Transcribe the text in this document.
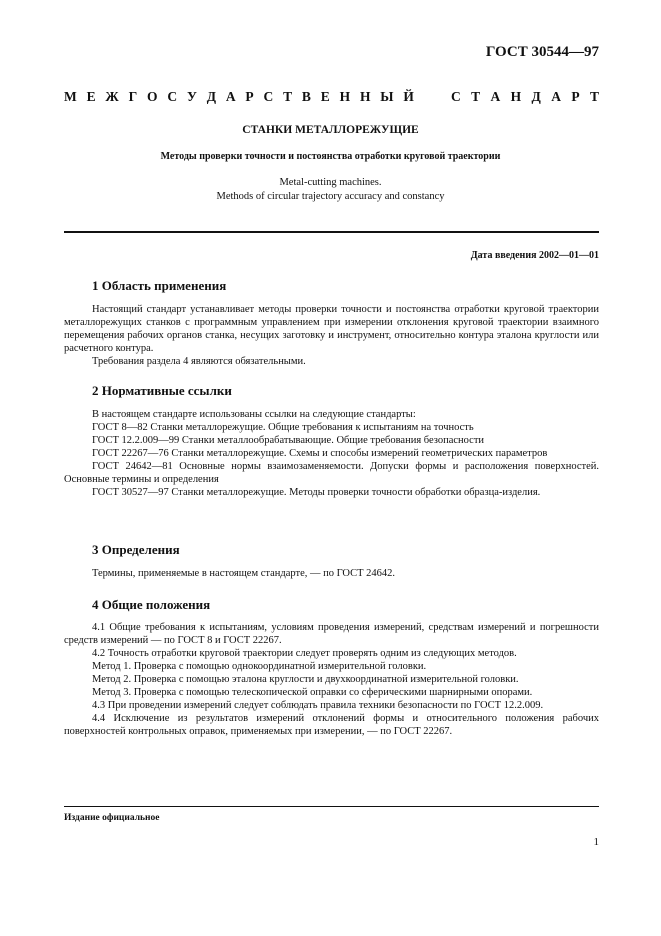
ГОСТ 30544—97
М Е Ж Г О С У Д А Р С Т В Е Н Н Ы Й	С Т А Н Д А Р Т
СТАНКИ МЕТАЛЛОРЕЖУЩИЕ
Методы проверки точности и постоянства отработки круговой траектории
Metal-cutting machines.
Methods of circular trajectory accuracy and constancy
Дата введения 2002—01—01
1 Область применения

Настоящий стандарт устанавливает методы проверки точности и постоянства отработки круговой траектории металлорежущих станков с программным управлением при измерении отклонения круговой траектории взаимного перемещения рабочих органов станка, несущих заготовку и инструмент, относительно контура эталона круглости или расчетного контура.

Требования раздела 4 являются обязательными.

2 Нормативные ссылки

В настоящем стандарте использованы ссылки на следующие стандарты:

ГОСТ 8—82 Станки металлорежущие. Общие требования к испытаниям на точность

ГОСТ 12.2.009—99 Станки металлообрабатывающие. Общие требования безопасности

ГОСТ 22267—76 Станки металлорежущие. Схемы и способы измерений геометрических параметров

ГОСТ 24642—81 Основные нормы взаимозаменяемости. Допуски формы и расположения поверхностей. Основные термины и определения

ГОСТ 30527—97 Станки металлорежущие. Методы проверки точности обработки образца-изделия.

3 Определения

Термины, применяемые в настоящем стандарте, — по ГОСТ 24642.

4 Общие положения

4.1 Общие требования к испытаниям, условиям проведения измерений, средствам измерений и погрешности средств измерений — по ГОСТ 8 и ГОСТ 22267.

4.2 Точность отработки круговой траектории следует проверять одним из следующих методов.

Метод 1. Проверка с помощью однокоординатной измерительной головки.

Метод 2. Проверка с помощью эталона круглости и двухкоординатной измерительной головки.

Метод 3. Проверка с помощью телескопической оправки со сферическими шарнирными опорами.

4.3 При проведении измерений следует соблюдать правила техники безопасности по ГОСТ 12.2.009.

4.4 Исключение из результатов измерений отклонений формы и относительного положения рабочих поверхностей контрольных оправок, применяемых при измерении, — по ГОСТ 22267.

Издание официальное
1
